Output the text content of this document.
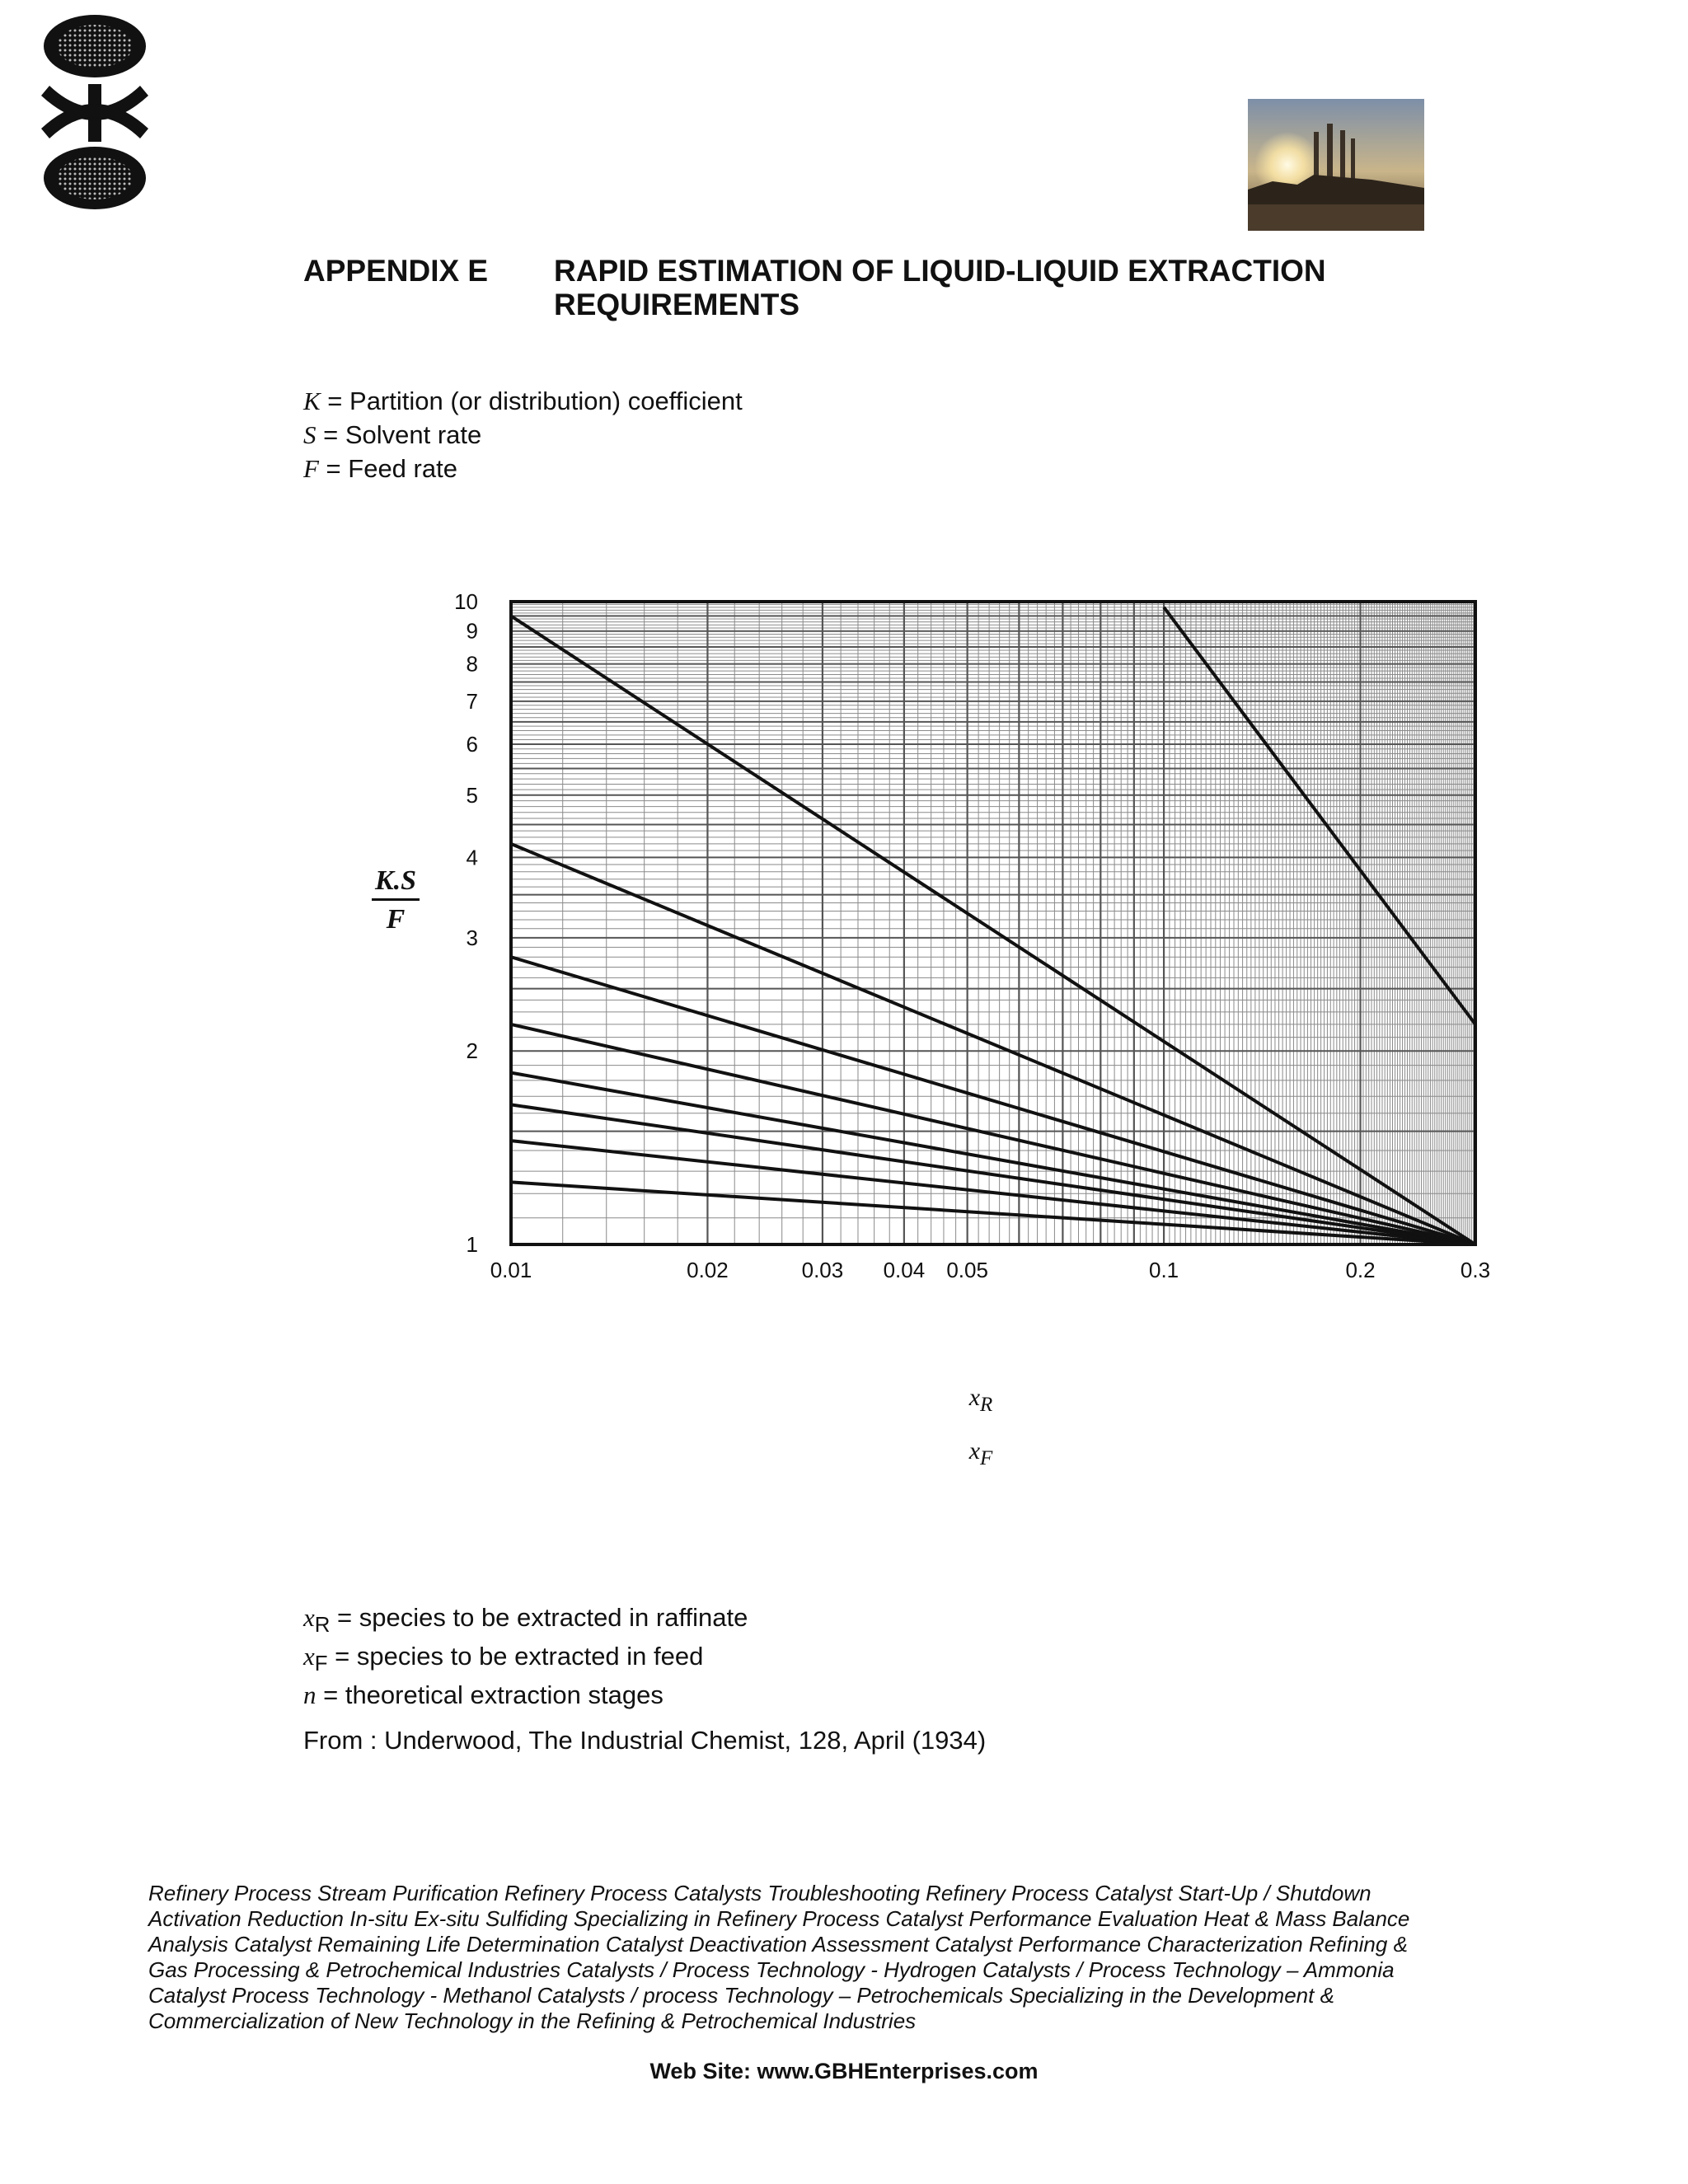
APPENDIX E RAPID ESTIMATION OF LIQUID-LIQUID EXTRACTION REQUIREMENTS
K = Partition (or distribution) coefficient
S = Solvent rate
F = Feed rate
$\frac{K.S}{F}$
0.01	0.02	0.03 0.04 0.05	0.1	0.2	0.3
1
2
3
4
5
6
7
8
9
10
$x_R$
$x_F$
$x_R$ = species to be extracted in raffinate
$x_F$ = species to be extracted in feed
n = theoretical extraction stages
From : Underwood, The Industrial Chemist, 128, April (1934)
Refinery Process Stream Purification Refinery Process Catalysts Troubleshooting Refinery Process Catalyst Start-Up / Shutdown Activation Reduction In-situ Ex-situ Sulfiding Specializing in Refinery Process Catalyst Performance Evaluation Heat & Mass Balance Analysis Catalyst Remaining Life Determination Catalyst Deactivation Assessment Catalyst Performance Characterization Refining & Gas Processing & Petrochemical Industries Catalysts / Process Technology - Hydrogen Catalysts / Process Technology – Ammonia Catalyst Process Technology - Methanol Catalysts / process Technology – Petrochemicals Specializing in the Development & Commercialization of New Technology in the Refining & Petrochemical Industries
Web Site: www.GBHEnterprises.com
